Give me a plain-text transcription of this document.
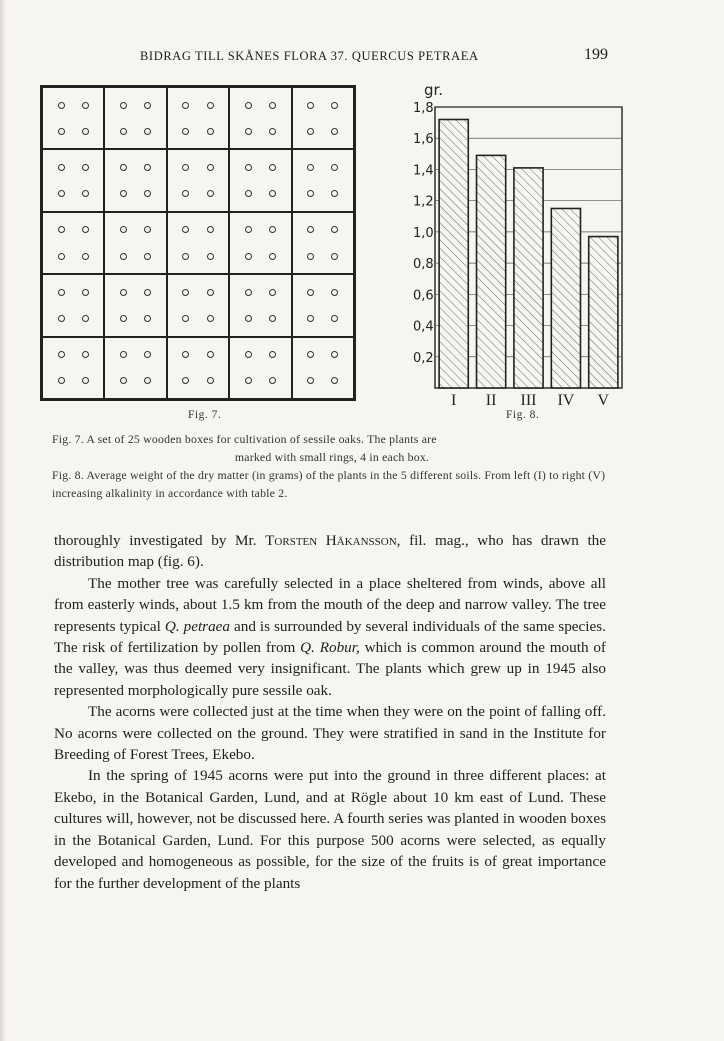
BIDRAG TILL SKÅNES FLORA 37. QUERCUS PETRAEA	199
0,2
0,4
0,6
0,8
1,0
1,2
1,4
1,6
1,8
I II III IV V
gr.
Fig. 7.	Fig. 8.
Fig. 7. A set of 25 wooden boxes for cultivation of sessile oaks. The plants are
marked with small rings, 4 in each box.
Fig. 8. Average weight of the dry matter (in grams) of the plants in the 5 different soils. From left (I) to right (V) increasing alkalinity in accordance with table 2.

thoroughly investigated by Mr. Torsten Håkansson, fil. mag., who has drawn the distribution map (fig. 6).

The mother tree was carefully selected in a place sheltered from winds, above all from easterly winds, about 1.5 km from the mouth of the deep and narrow valley. The tree represents typical Q. petraea and is surrounded by several individuals of the same species. The risk of fertilization by pollen from Q. Robur, which is common around the mouth of the valley, was thus deemed very insignificant. The plants which grew up in 1945 also represented morphologically pure sessile oak.

The acorns were collected just at the time when they were on the point of falling off. No acorns were collected on the ground. They were stratified in sand in the Institute for Breeding of Forest Trees, Ekebo.

In the spring of 1945 acorns were put into the ground in three different places: at Ekebo, in the Botanical Garden, Lund, and at Rögle about 10 km east of Lund. These cultures will, however, not be discussed here. A fourth series was planted in wooden boxes in the Botanical Garden, Lund. For this purpose 500 acorns were selected, as equally developed and homogeneous as possible, for the size of the fruits is of great importance for the further development of the plants
